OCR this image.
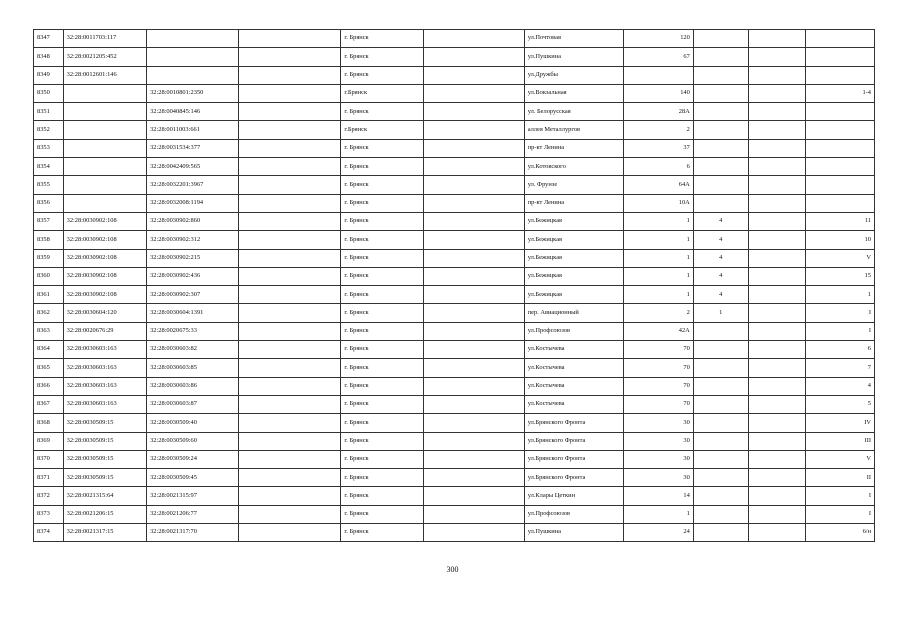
8347	32:28:0011703:117			г. Брянск		ул.Почтовая	120			
8348	32:28:0021205:452			г. Брянск		ул.Пушкина	67			
8349	32:28:0012601:146			г. Брянск		ул.Дружбы				
8350		32:28:0010801:2350		г.Брянск		ул.Вокзальная	140			1-4
8351		32:28:0040845:146		г. Брянск		ул. Белорусская	28А			
8352		32:28:0011003:661		г.Брянск		аллея Металлургов	2			
8353		32:28:0031534:377		г. Брянск		пр-кт Ленина	37			
8354		32:28:0042409:565		г. Брянск		ул.Котовского	6			
8355		32:28:0032201:3967		г. Брянск		ул. Фрунзе	64А			
8356		32:28:0032008:1194		г. Брянск		пр-кт Ленина	10А			
8357	32:28:0030902:108	32:28:0030902:860		г. Брянск		ул.Бежицкая	1	4		11
8358	32:28:0030902:108	32:28:0030902:312		г. Брянск		ул.Бежицкая	1	4		10
8359	32:28:0030902:108	32:28:0030902:215		г. Брянск		ул.Бежицкая	1	4		V
8360	32:28:0030902:108	32:28:0030902:436		г. Брянск		ул.Бежицкая	1	4		15
8361	32:28:0030902:108	32:28:0030902:307		г. Брянск		ул.Бежицкая	1	4		1
8362	32:28:0030604:120	32:28:0030604:1391		г. Брянск		пер. Авиационный	2	1		I
8363	32:28:0020676:29	32:28:0020675:33		г. Брянск		ул.Профсоюзов	42А			I
8364	32:28:0030603:163	32:28:0030603:82		г. Брянск		ул.Костычева	70			6
8365	32:28:0030603:163	32:28:0030603:85		г. Брянск		ул.Костычева	70			7
8366	32:28:0030603:163	32:28:0030603:86		г. Брянск		ул.Костычева	70			4
8367	32:28:0030603:163	32:28:0030603:87		г. Брянск		ул.Костычева	70			5
8368	32:28:0030509:15	32:28:0030509:40		г. Брянск		ул.Брянского Фронта	30			IV
8369	32:28:0030509:15	32:28:0030509:60		г. Брянск		ул.Брянского Фронта	30			III
8370	32:28:0030509:15	32:28:0030509:24		г. Брянск		ул.Брянского Фронта	30			V
8371	32:28:0030509:15	32:28:0030509:45		г. Брянск		ул.Брянского Фронта	30			II
8372	32:28:0021315:64	32:28:0021315:97		г. Брянск		ул.Клары Цеткин	14			I
8373	32:28:0021206:15	32:28:0021206:77		г. Брянск		ул.Профсоюзов	1			I
8374	32:28:0021317:15	32:28:0021317:70		г. Брянск		ул.Пушкина	24			6/н
300
